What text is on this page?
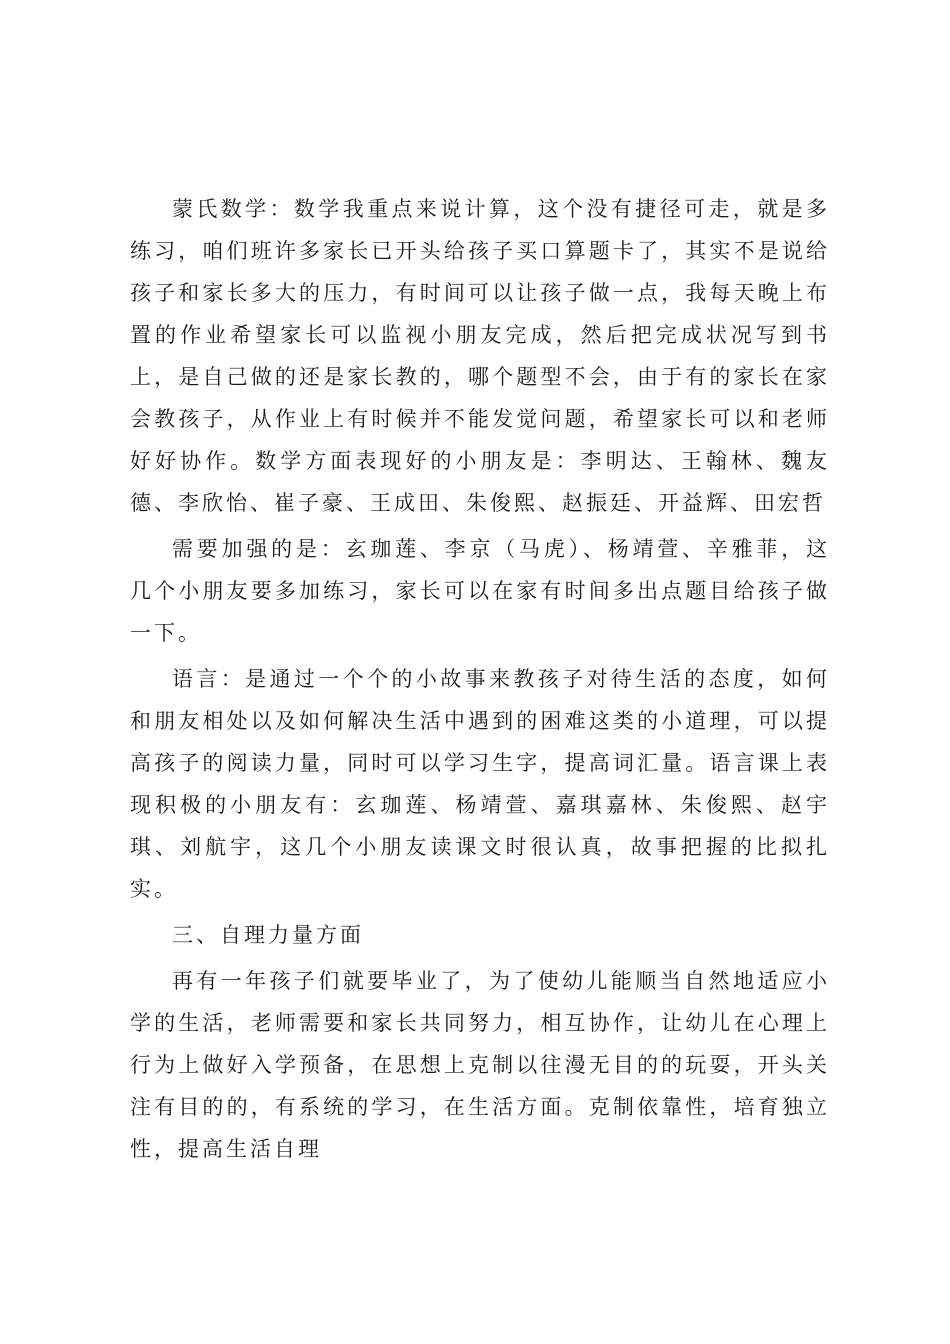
蒙氏数学：数学我重点来说计算，这个没有捷径可走，就是多练习，咱们班许多家长已开头给孩子买口算题卡了，其实不是说给孩子和家长多大的压力，有时间可以让孩子做一点，我每天晚上布置的作业希望家长可以监视小朋友完成，然后把完成状况写到书上，是自己做的还是家长教的，哪个题型不会，由于有的家长在家会教孩子，从作业上有时候并不能发觉问题，希望家长可以和老师好好协作。数学方面表现好的小朋友是：李明达、王翰林、魏友德、李欣怡、崔子豪、王成田、朱俊熙、赵振廷、开益辉、田宏哲

需要加强的是：玄珈莲、李京（马虎）、杨靖萱、辛雅菲，这几个小朋友要多加练习，家长可以在家有时间多出点题目给孩子做一下。

语言：是通过一个个的小故事来教孩子对待生活的态度，如何和朋友相处以及如何解决生活中遇到的困难这类的小道理，可以提高孩子的阅读力量，同时可以学习生字，提高词汇量。语言课上表现积极的小朋友有：玄珈莲、杨靖萱、嘉琪嘉林、朱俊熙、赵宇琪、刘航宇，这几个小朋友读课文时很认真，故事把握的比拟扎实。

三、自理力量方面

再有一年孩子们就要毕业了，为了使幼儿能顺当自然地适应小学的生活，老师需要和家长共同努力，相互协作，让幼儿在心理上行为上做好入学预备，在思想上克制以往漫无目的的玩耍，开头关注有目的的，有系统的学习，在生活方面。克制依靠性，培育独立性，提高生活自理
